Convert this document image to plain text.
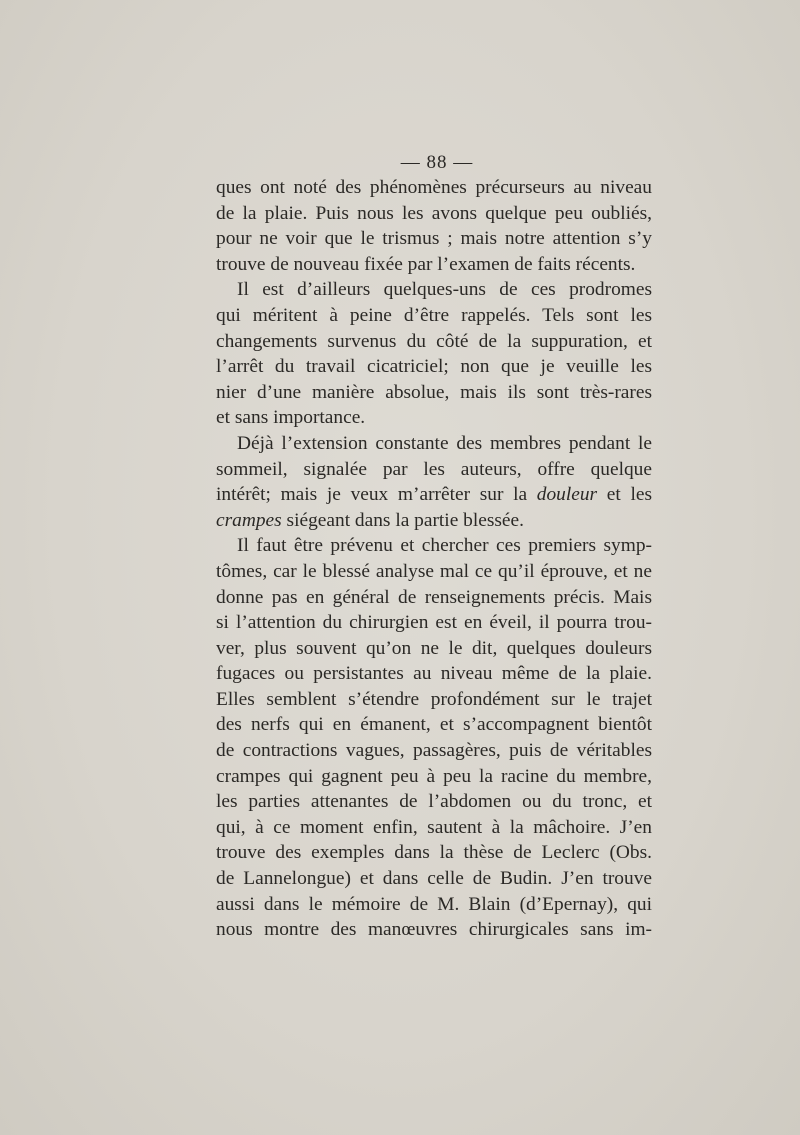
— 88 —
ques ont noté des phénomènes précurseurs au niveau
de la plaie. Puis nous les avons quelque peu oubliés,
pour ne voir que le trismus ; mais notre attention s’y
trouve de nouveau fixée par l’examen de faits récents.
Il est d’ailleurs quelques-uns de ces prodromes
qui méritent à peine d’être rappelés. Tels sont les
changements survenus du côté de la suppuration, et
l’arrêt du travail cicatriciel; non que je veuille les
nier d’une manière absolue, mais ils sont très-rares
et sans importance.
Déjà l’extension constante des membres pendant le
sommeil, signalée par les auteurs, offre quelque
intérêt; mais je veux m’arrêter sur la douleur et les
crampes siégeant dans la partie blessée.
Il faut être prévenu et chercher ces premiers symp-
tômes, car le blessé analyse mal ce qu’il éprouve, et ne
donne pas en général de renseignements précis. Mais
si l’attention du chirurgien est en éveil, il pourra trou-
ver, plus souvent qu’on ne le dit, quelques douleurs
fugaces ou persistantes au niveau même de la plaie.
Elles semblent s’étendre profondément sur le trajet
des nerfs qui en émanent, et s’accompagnent bientôt
de contractions vagues, passagères, puis de véritables
crampes qui gagnent peu à peu la racine du membre,
les parties attenantes de l’abdomen ou du tronc, et
qui, à ce moment enfin, sautent à la mâchoire. J’en
trouve des exemples dans la thèse de Leclerc (Obs.
de Lannelongue) et dans celle de Budin. J’en trouve
aussi dans le mémoire de M. Blain (d’Epernay), qui
nous montre des manœuvres chirurgicales sans im-
